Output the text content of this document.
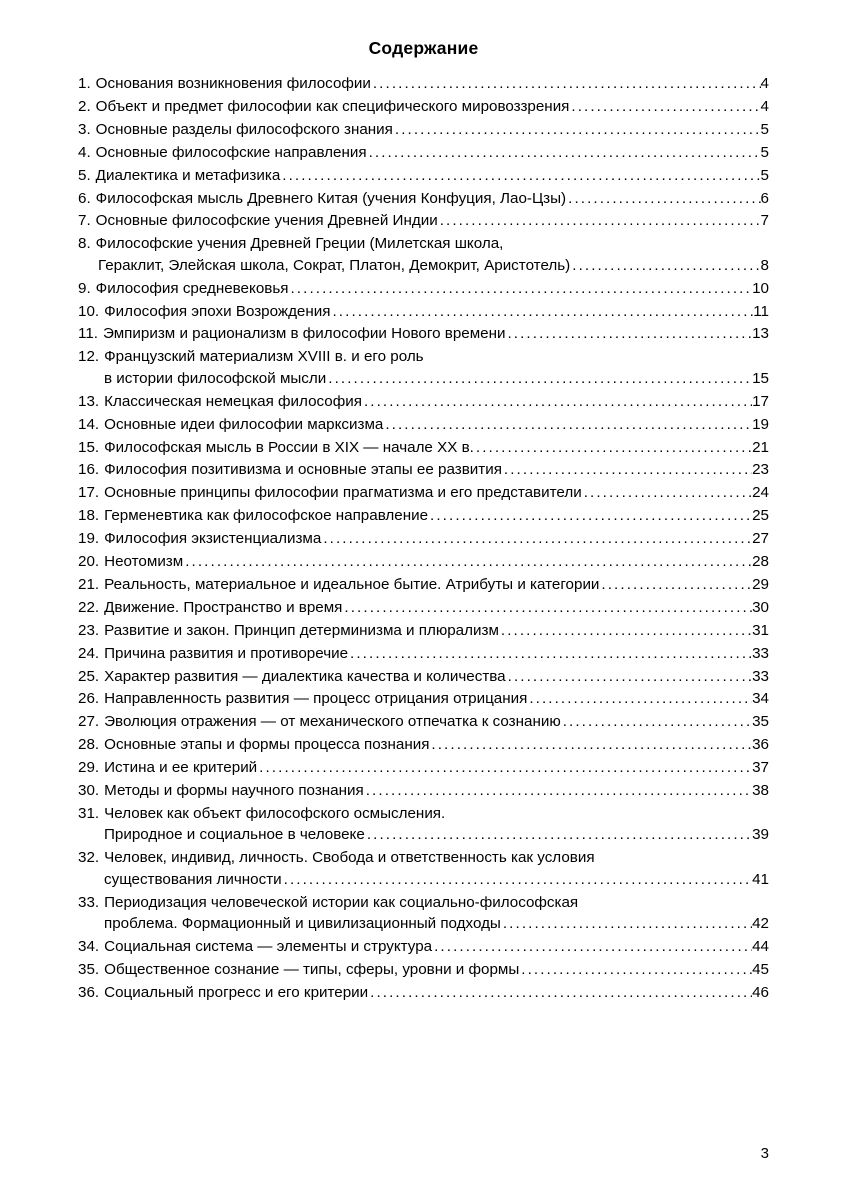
Содержание
1. Основания возникновения философии .....	4
2. Объект и предмет философии как специфического мировоззрения .....	4
3. Основные разделы философского знания .....	5
4. Основные философские направления .....	5
5. Диалектика и метафизика .....	5
6. Философская мысль Древнего Китая (учения Конфуция, Лао-Цзы) .....	6
7. Основные философские учения Древней Индии .....	7
8. Философские учения Древней Греции (Милетская школа,

Гераклит, Элейская школа, Сократ, Платон, Демокрит, Аристотель) .....	8
9. Философия средневековья .....	10
10. Философия эпохи Возрождения .....	11
11. Эмпиризм и рационализм в философии Нового времени .....	13
12. Французский материализм XVIII в. и его роль

в истории философской мысли .....	15
13. Классическая немецкая философия .....	17
14. Основные идеи философии марксизма .....	19
15. Философская мысль в России в XIX — начале XX в. .....	21
16. Философия позитивизма и основные этапы ее развития .....	23
17. Основные принципы философии прагматизма и его представители .....	24
18. Герменевтика как философское направление .....	25
19. Философия экзистенциализма .....	27
20. Неотомизм .....	28
21. Реальность, материальное и идеальное бытие. Атрибуты и категории .....	29
22. Движение. Пространство и время .....	30
23. Развитие и закон. Принцип детерминизма и плюрализм .....	31
24. Причина развития и противоречие .....	33
25. Характер развития — диалектика качества и количества .....	33
26. Направленность развития — процесс отрицания отрицания .....	34
27. Эволюция отражения — от механического отпечатка к сознанию .....	35
28. Основные этапы и формы процесса познания .....	36
29. Истина и ее критерий .....	37
30. Методы и формы научного познания .....	38
31. Человек как объект философского осмысления.

Природное и социальное в человеке .....	39
32. Человек, индивид, личность. Свобода и ответственность как условия

существования личности .....	41
33. Периодизация человеческой истории как социально-философская

проблема. Формационный и цивилизационный подходы .....	42
34. Социальная система — элементы и структура .....	44
35. Общественное сознание — типы, сферы, уровни и формы .....	45
36. Социальный прогресс и его критерии .....	46
3
